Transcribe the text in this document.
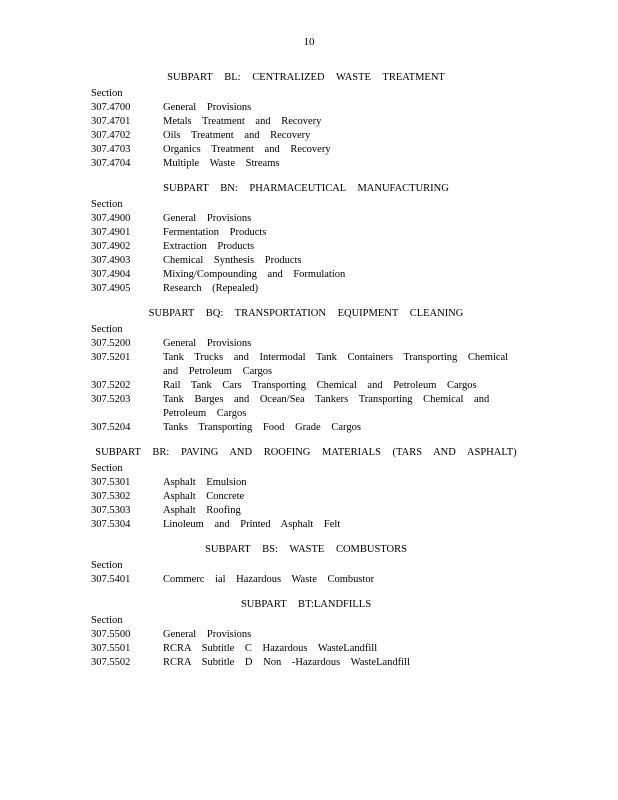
10
SUBPART BL: CENTRALIZED WASTE TREATMENT
Section
307.4700	General Provisions
307.4701	Metals Treatment and Recovery
307.4702	Oils Treatment and Recovery
307.4703	Organics Treatment and Recovery
307.4704	Multiple Waste Streams
SUBPART BN: PHARMACEUTICAL MANUFACTURING
Section
307.4900	General Provisions
307.4901	Fermentation Products
307.4902	Extraction Products
307.4903	Chemical Synthesis Products
307.4904	Mixing/Compounding and Formulation
307.4905	Research (Repealed)
SUBPART BQ: TRANSPORTATION EQUIPMENT CLEANING
Section
307.5200	General Provisions
307.5201	Tank Trucks and Intermodal Tank Containers Transporting Chemical and Petroleum Cargos
307.5202	Rail Tank Cars Transporting Chemical and Petroleum Cargos
307.5203	Tank Barges and Ocean/Sea Tankers Transporting Chemical and Petroleum Cargos
307.5204	Tanks Transporting Food Grade Cargos
SUBPART BR: PAVING AND ROOFING MATERIALS (TARS AND ASPHALT)
Section
307.5301	Asphalt Emulsion
307.5302	Asphalt Concrete
307.5303	Asphalt Roofing
307.5304	Linoleum and Printed Asphalt Felt
SUBPART BS: WASTE COMBUSTORS
Section
307.5401	Commerc ial Hazardous Waste Combustor
SUBPART BT:LANDFILLS
Section
307.5500	General Provisions
307.5501	RCRA Subtitle C Hazardous WasteLandfill
307.5502	RCRA Subtitle D Non -Hazardous WasteLandfill
